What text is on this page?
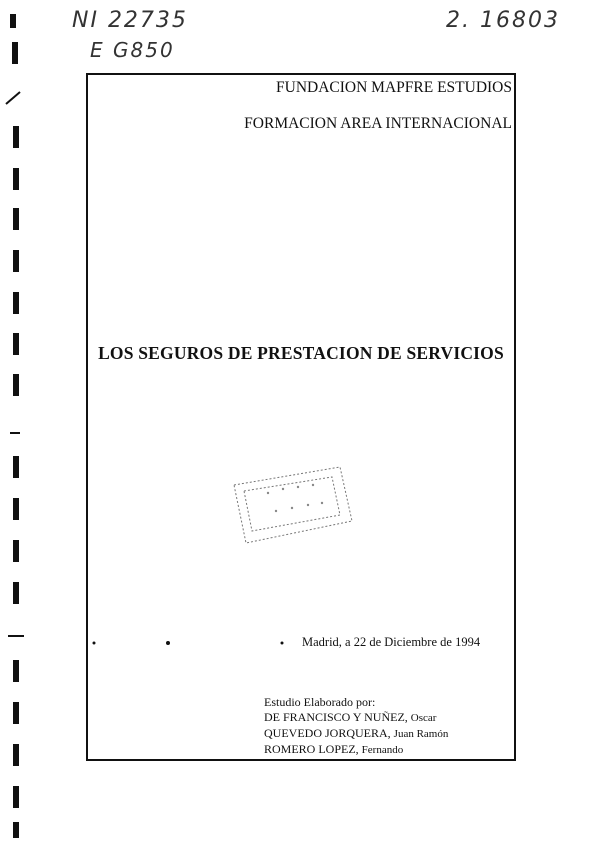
NI 22735
E G850
2. 16803
FUNDACION MAPFRE ESTUDIOS
FORMACION AREA INTERNACIONAL
LOS SEGUROS DE PRESTACION DE SERVICIOS
Madrid, a 22 de Diciembre de 1994
Estudio Elaborado por:
DE FRANCISCO Y NUÑEZ, Oscar
QUEVEDO JORQUERA, Juan Ramón
ROMERO LOPEZ, Fernando
